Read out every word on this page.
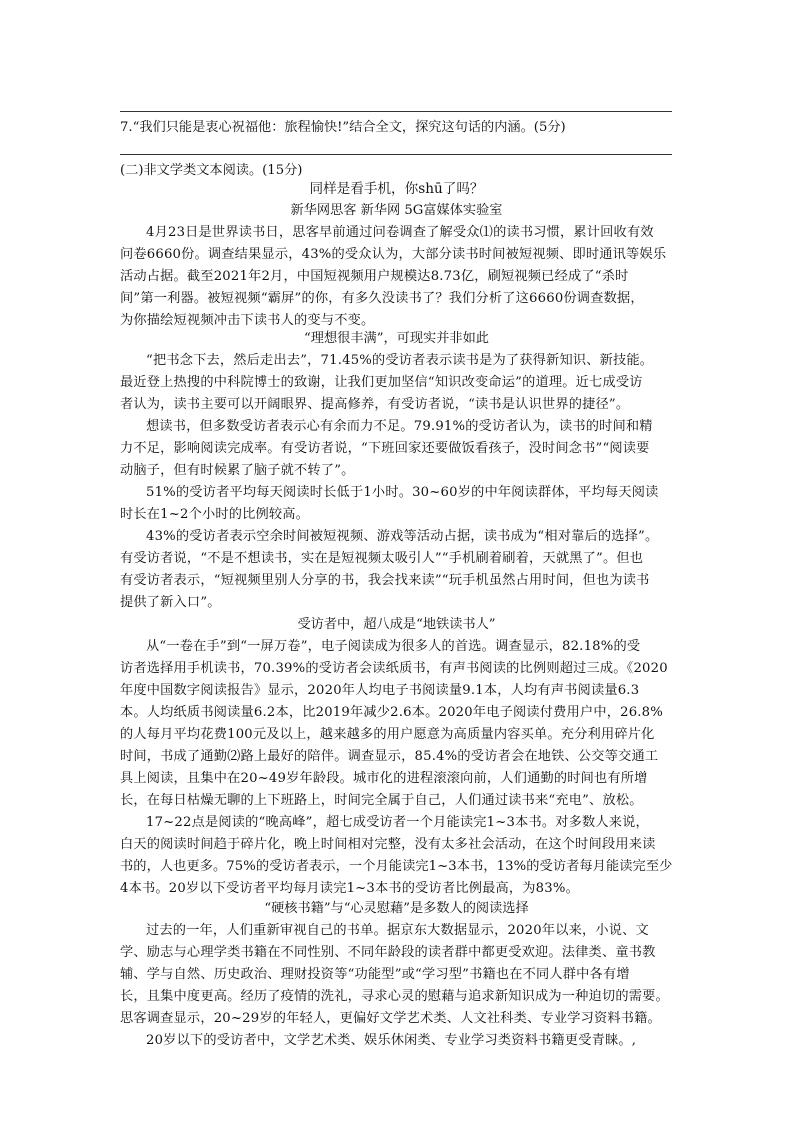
7.“我们只能是衷心祝福他：旅程愉快!”结合全文，探究这句话的内涵。(5分)
(二)非文学类文本阅读。(15分)
同样是看手机，你shū了吗？
新华网思客 新华网 5G富媒体实验室
4月23日是世界读书日，思客早前通过问卷调查了解受众⑴的读书习惯，累计回收有效
问卷6660份。调查结果显示，43%的受众认为，大部分读书时间被短视频、即时通讯等娱乐
活动占据。截至2021年2月，中国短视频用户规模达8.73亿，刷短视频已经成了“杀时
间”第一利器。被短视频“霸屏”的你，有多久没读书了？我们分析了这6660份调查数据，
为你描绘短视频冲击下读书人的变与不变。
“理想很丰满”，可现实并非如此
“把书念下去，然后走出去”，71.45%的受访者表示读书是为了获得新知识、新技能。
最近登上热搜的中科院博士的致谢，让我们更加坚信“知识改变命运”的道理。近七成受访
者认为，读书主要可以开阔眼界、提高修养，有受访者说，“读书是认识世界的捷径”。
想读书，但多数受访者表示心有余而力不足。79.91%的受访者认为，读书的时间和精
力不足，影响阅读完成率。有受访者说，“下班回家还要做饭看孩子，没时间念书”“阅读要
动脑子，但有时候累了脑子就不转了”。
51%的受访者平均每天阅读时长低于1小时。30~60岁的中年阅读群体，平均每天阅读
时长在1~2个小时的比例较高。
43%的受访者表示空余时间被短视频、游戏等活动占据，读书成为“相对靠后的选择”。
有受访者说，“不是不想读书，实在是短视频太吸引人”“手机刷着刷着，天就黑了”。但也
有受访者表示，“短视频里别人分享的书，我会找来读”“玩手机虽然占用时间，但也为读书
提供了新入口”。
受访者中，超八成是“地铁读书人”
从“一卷在手”到“一屏万卷”，电子阅读成为很多人的首选。调查显示，82.18%的受
访者选择用手机读书，70.39%的受访者会读纸质书，有声书阅读的比例则超过三成。《2020
年度中国数字阅读报告》显示，2020年人均电子书阅读量9.1本，人均有声书阅读量6.3
本。人均纸质书阅读量6.2本，比2019年减少2.6本。2020年电子阅读付费用户中，26.8%
的人每月平均花费100元及以上，越来越多的用户愿意为高质量内容买单。充分利用碎片化
时间，书成了通勤⑵路上最好的陪伴。调查显示，85.4%的受访者会在地铁、公交等交通工
具上阅读，且集中在20~49岁年龄段。城市化的进程滚滚向前，人们通勤的时间也有所增
长，在每日枯燥无聊的上下班路上，时间完全属于自己，人们通过读书来“充电”、放松。
17~22点是阅读的“晚高峰”，超七成受访者一个月能读完1~3本书。对多数人来说，
白天的阅读时间趋于碎片化，晚上时间相对完整，没有太多社会活动，在这个时间段用来读
书的，人也更多。75%的受访者表示，一个月能读完1~3本书，13%的受访者每月能读完至少
4本书。20岁以下受访者平均每月读完1~3本书的受访者比例最高，为83%。
“硬核书籍”与“心灵慰藉”是多数人的阅读选择
过去的一年，人们重新审视自己的书单。据京东大数据显示，2020年以来，小说、文
学、励志与心理学类书籍在不同性别、不同年龄段的读者群中都更受欢迎。法律类、童书教
辅、学与自然、历史政治、理财投资等“功能型”或“学习型”书籍也在不同人群中各有增
长，且集中度更高。经历了疫情的洗礼，寻求心灵的慰藉与追求新知识成为一种迫切的需要。
思客调查显示，20~29岁的年轻人，更偏好文学艺术类、人文社科类、专业学习资料书籍。
20岁以下的受访者中，文学艺术类、娱乐休闲类、专业学习类资料书籍更受青睐。,
